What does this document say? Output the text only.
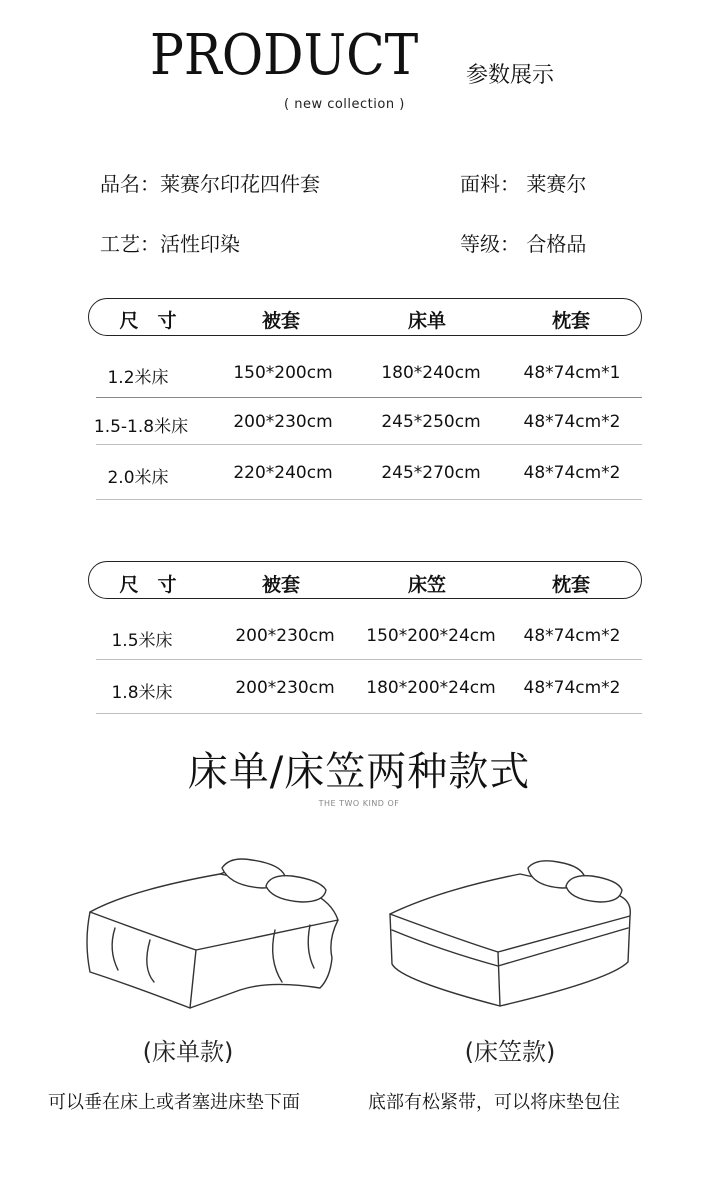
PRODUCT
( new collection )
参数展示
品名：莱赛尔印花四件套	面料： 莱赛尔
工艺：活性印染	等级： 合格品
尺　寸	被套	床单	枕套
1.2米床	150*200cm	180*240cm	48*74cm*1
1.5-1.8米床	200*230cm	245*250cm	48*74cm*2
2.0米床	220*240cm	245*270cm	48*74cm*2
尺　寸	被套	床笠	枕套
1.5米床	200*230cm	150*200*24cm	48*74cm*2
1.8米床	200*230cm	180*200*24cm	48*74cm*2
床单/床笠两种款式
THE TWO KIND OF
(床单款)	(床笠款)
可以垂在床上或者塞进床垫下面	底部有松紧带，可以将床垫包住
